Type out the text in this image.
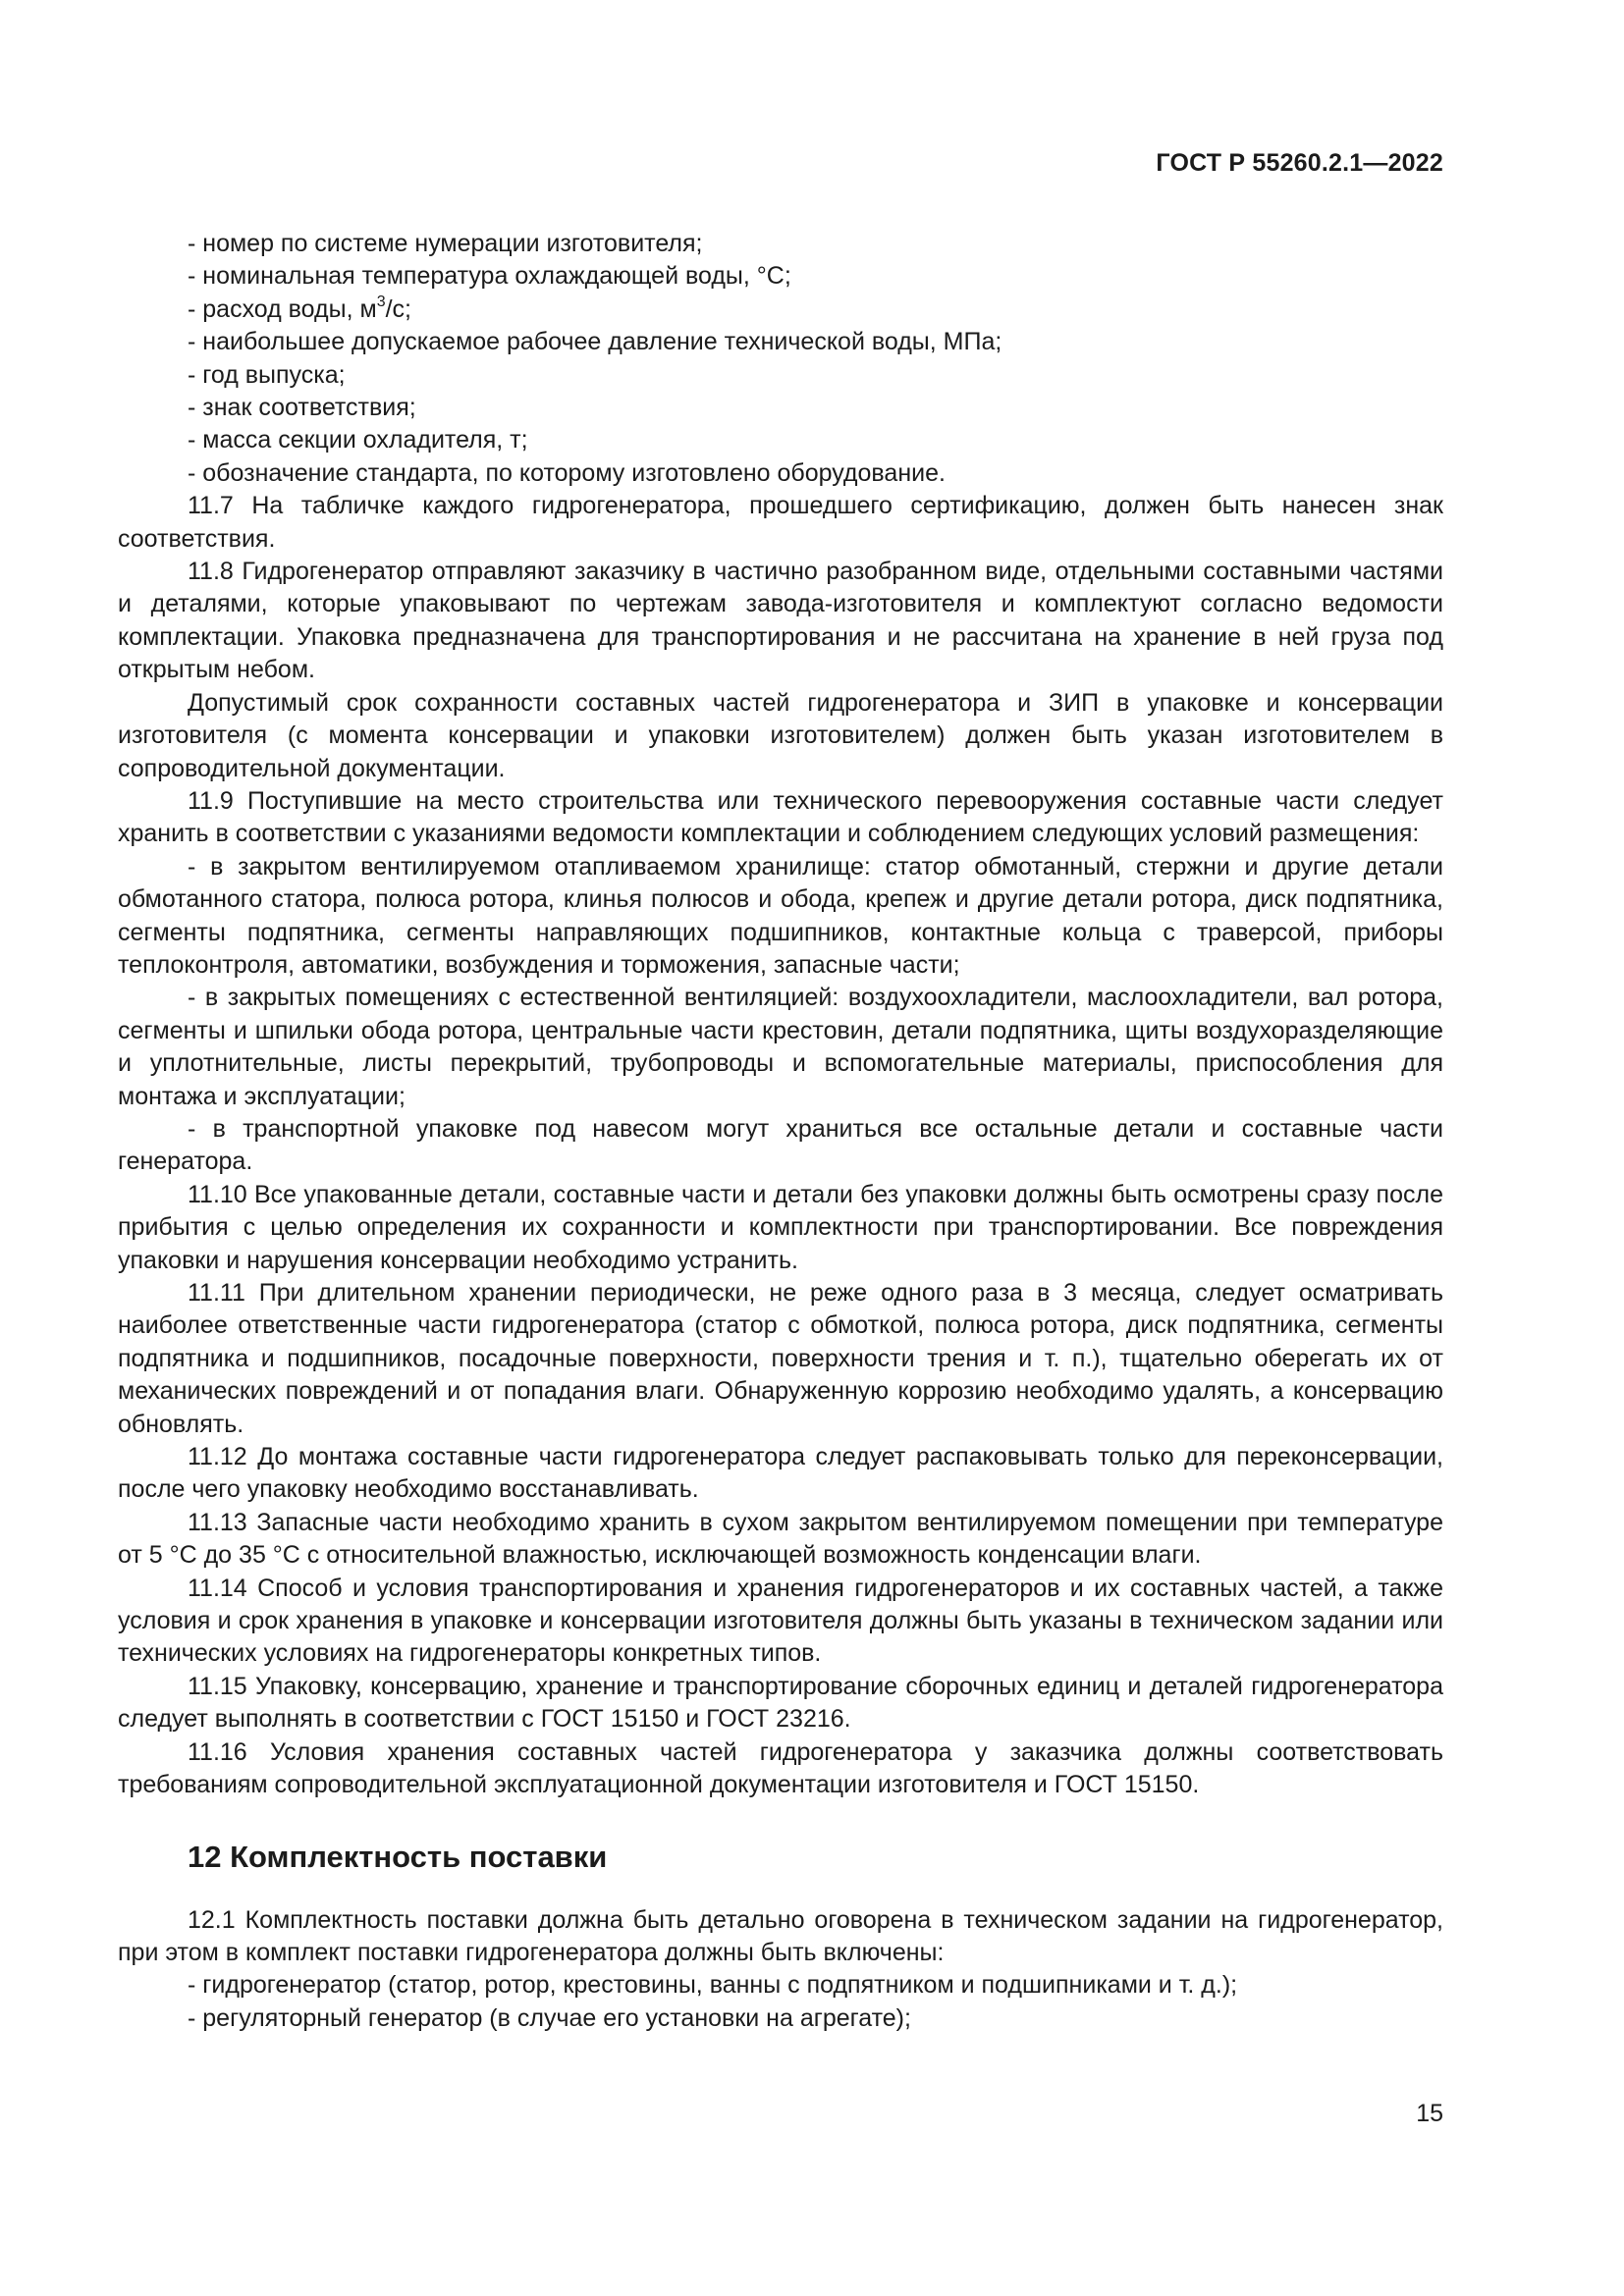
ГОСТ Р 55260.2.1—2022

- номер по системе нумерации изготовителя;

- номинальная температура охлаждающей воды, °С;

- расход воды, $м^3/с$;

- наибольшее допускаемое рабочее давление технической воды, МПа;

- год выпуска;

- знак соответствия;

- масса секции охладителя, т;

- обозначение стандарта, по которому изготовлено оборудование.

11.7 На табличке каждого гидрогенератора, прошедшего сертификацию, должен быть нанесен знак соответствия.

11.8 Гидрогенератор отправляют заказчику в частично разобранном виде, отдельными составными частями и деталями, которые упаковывают по чертежам завода-изготовителя и комплектуют согласно ведомости комплектации. Упаковка предназначена для транспортирования и не рассчитана на хранение в ней груза под открытым небом.

Допустимый срок сохранности составных частей гидрогенератора и ЗИП в упаковке и консервации изготовителя (с момента консервации и упаковки изготовителем) должен быть указан изготовителем в сопроводительной документации.

11.9 Поступившие на место строительства или технического перевооружения составные части следует хранить в соответствии с указаниями ведомости комплектации и соблюдением следующих условий размещения:

- в закрытом вентилируемом отапливаемом хранилище: статор обмотанный, стержни и другие детали обмотанного статора, полюса ротора, клинья полюсов и обода, крепеж и другие детали ротора, диск подпятника, сегменты подпятника, сегменты направляющих подшипников, контактные кольца с траверсой, приборы теплоконтроля, автоматики, возбуждения и торможения, запасные части;

- в закрытых помещениях с естественной вентиляцией: воздухоохладители, маслоохладители, вал ротора, сегменты и шпильки обода ротора, центральные части крестовин, детали подпятника, щиты воздухоразделяющие и уплотнительные, листы перекрытий, трубопроводы и вспомогательные материалы, приспособления для монтажа и эксплуатации;

- в транспортной упаковке под навесом могут храниться все остальные детали и составные части генератора.

11.10 Все упакованные детали, составные части и детали без упаковки должны быть осмотрены сразу после прибытия с целью определения их сохранности и комплектности при транспортировании. Все повреждения упаковки и нарушения консервации необходимо устранить.

11.11 При длительном хранении периодически, не реже одного раза в 3 месяца, следует осматривать наиболее ответственные части гидрогенератора (статор с обмоткой, полюса ротора, диск подпятника, сегменты подпятника и подшипников, посадочные поверхности, поверхности трения и т. п.), тщательно оберегать их от механических повреждений и от попадания влаги. Обнаруженную коррозию необходимо удалять, а консервацию обновлять.

11.12 До монтажа составные части гидрогенератора следует распаковывать только для переконсервации, после чего упаковку необходимо восстанавливать.

11.13 Запасные части необходимо хранить в сухом закрытом вентилируемом помещении при температуре от 5 °С до 35 °С с относительной влажностью, исключающей возможность конденсации влаги.

11.14 Способ и условия транспортирования и хранения гидрогенераторов и их составных частей, а также условия и срок хранения в упаковке и консервации изготовителя должны быть указаны в техническом задании или технических условиях на гидрогенераторы конкретных типов.

11.15 Упаковку, консервацию, хранение и транспортирование сборочных единиц и деталей гидрогенератора следует выполнять в соответствии с ГОСТ 15150 и ГОСТ 23216.

11.16 Условия хранения составных частей гидрогенератора у заказчика должны соответствовать требованиям сопроводительной эксплуатационной документации изготовителя и ГОСТ 15150.

12 Комплектность поставки

12.1 Комплектность поставки должна быть детально оговорена в техническом задании на гидрогенератор, при этом в комплект поставки гидрогенератора должны быть включены:

- гидрогенератор (статор, ротор, крестовины, ванны с подпятником и подшипниками и т. д.);

- регуляторный генератор (в случае его установки на агрегате);

15
